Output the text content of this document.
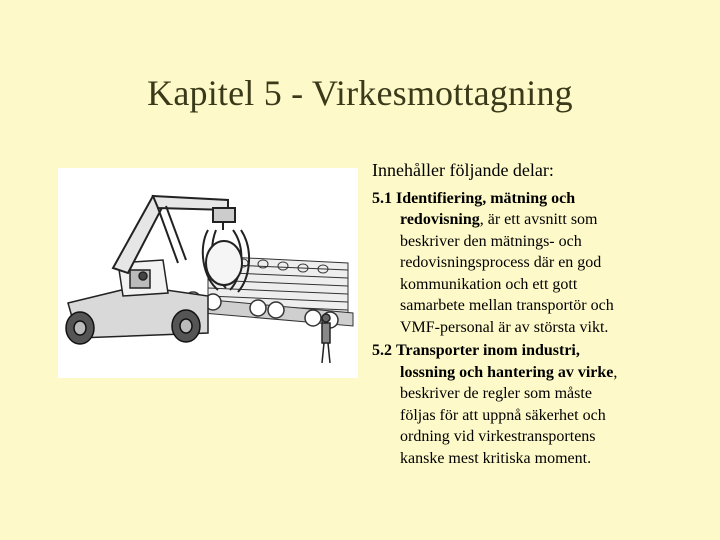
Kapitel 5 - Virkesmottagning
Innehåller följande delar:
5.1 Identifiering, mätning och
redovisning, är ett avsnitt som
beskriver den mätnings- och
redovisningsprocess där en god
kommunikation och ett gott
samarbete mellan transportör och
VMF-personal är av största vikt.
5.2 Transporter inom industri,
lossning och hantering av virke,
beskriver de regler som måste
följas för att uppnå säkerhet och
ordning vid virkestransportens
kanske mest kritiska moment.
